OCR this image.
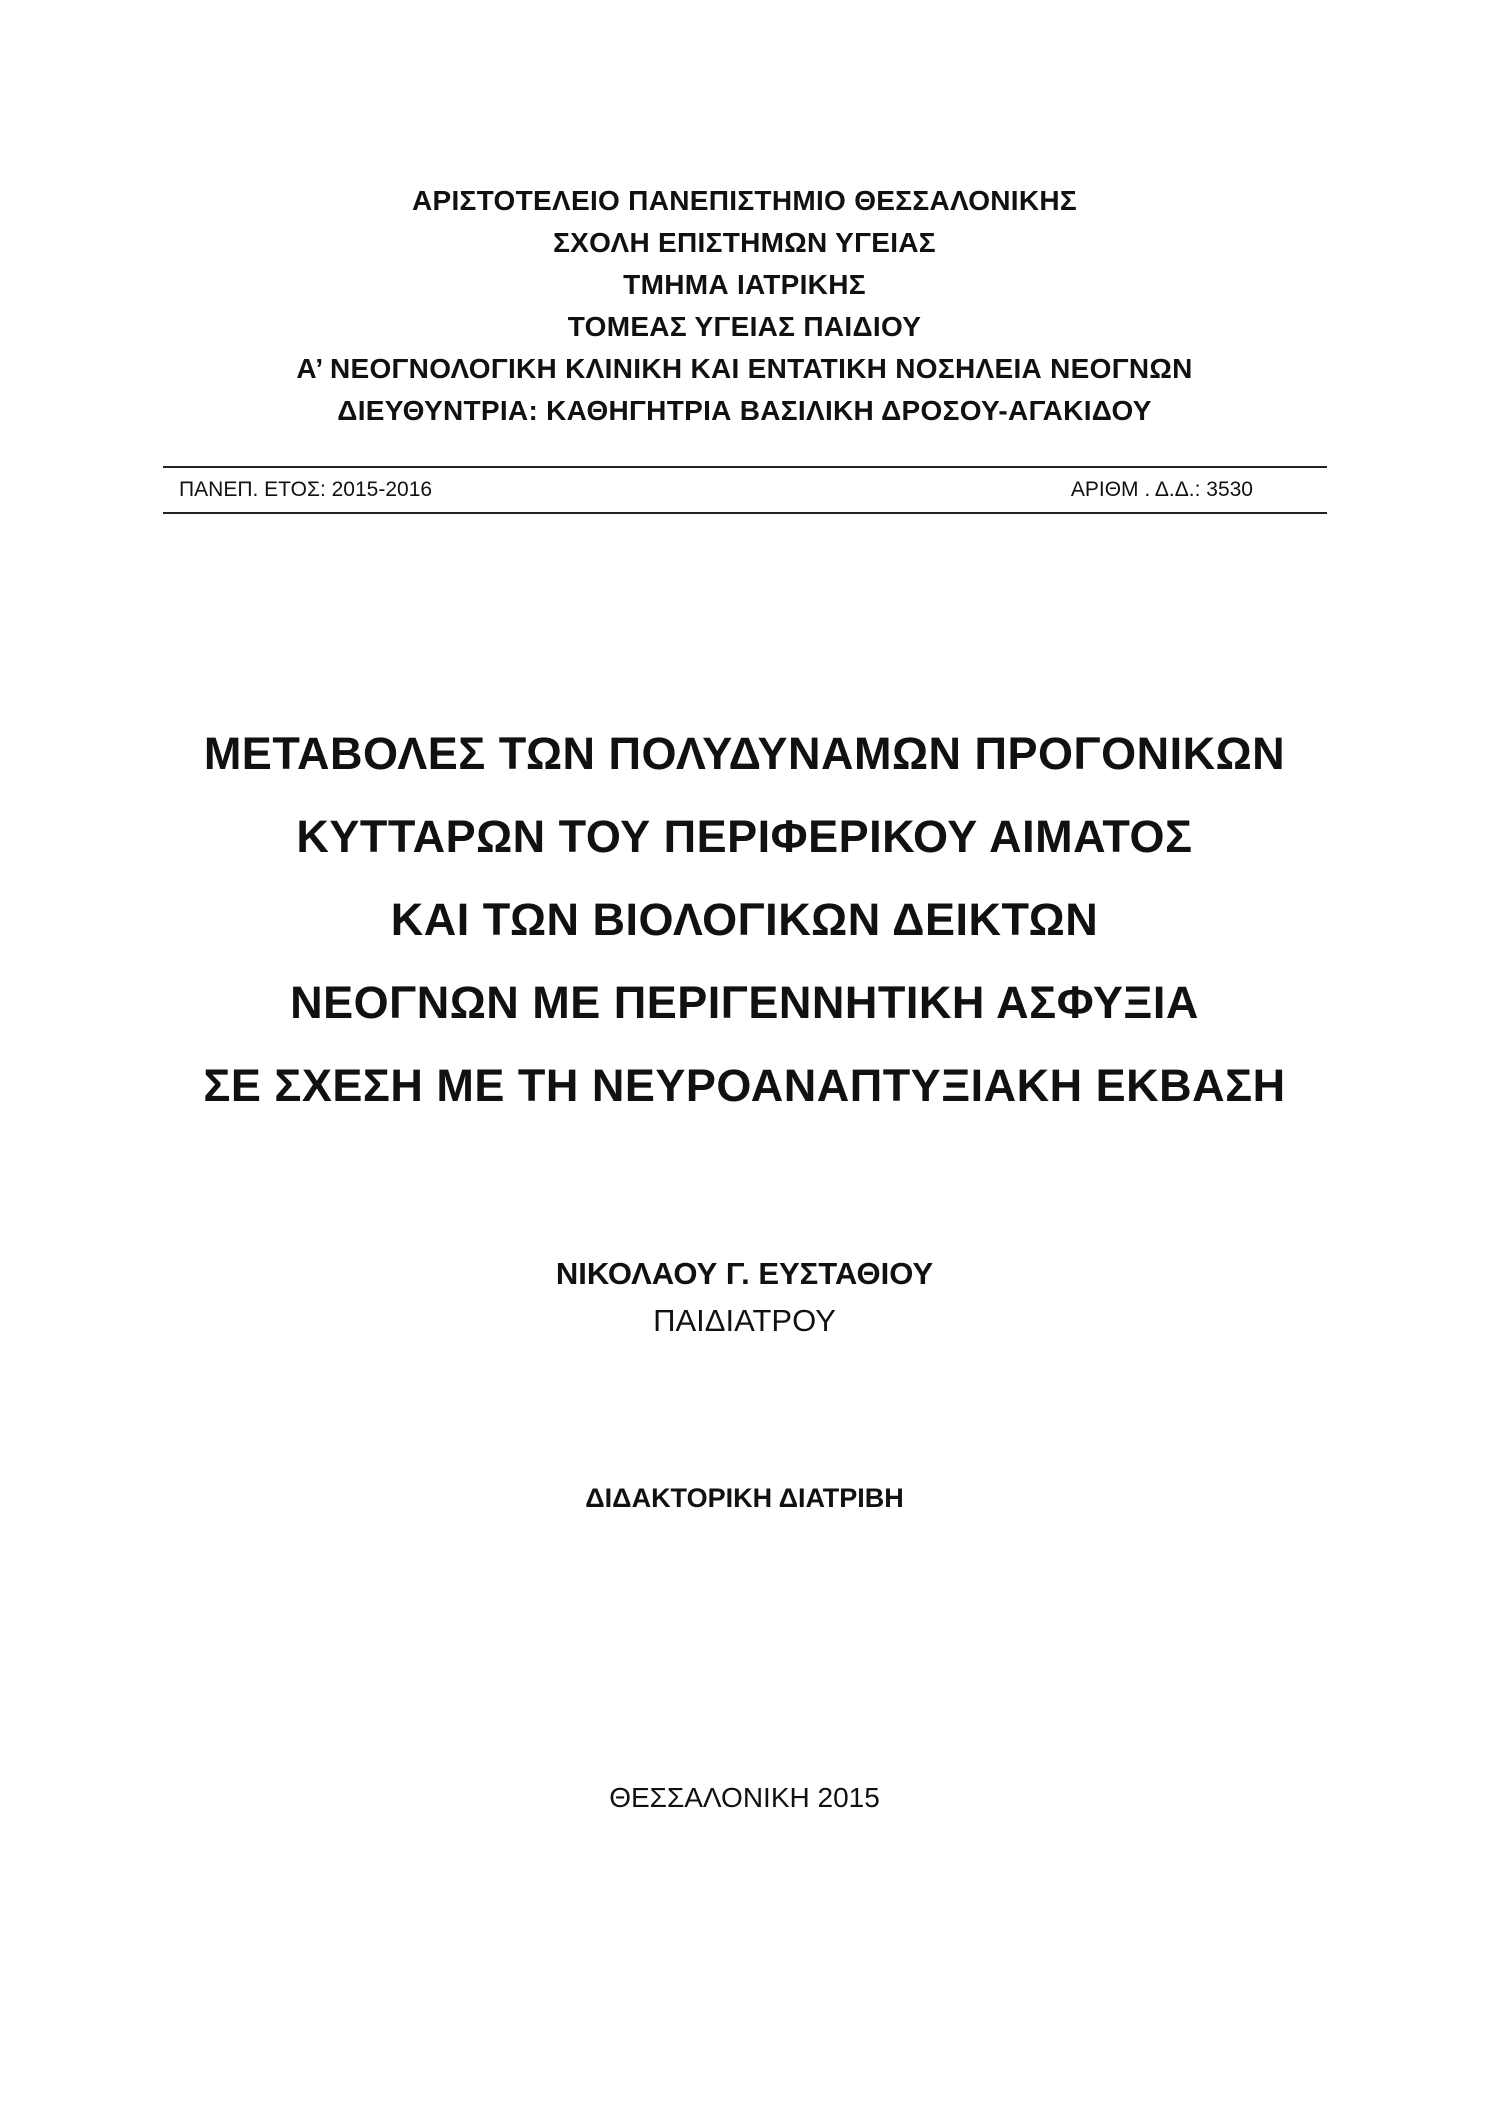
ΑΡΙΣΤΟΤΕΛΕΙΟ ΠΑΝΕΠΙΣΤΗΜΙΟ ΘΕΣΣΑΛΟΝΙΚΗΣ
ΣΧΟΛΗ ΕΠΙΣΤΗΜΩΝ ΥΓΕΙΑΣ
ΤΜΗΜΑ ΙΑΤΡΙΚΗΣ
ΤΟΜΕΑΣ ΥΓΕΙΑΣ ΠΑΙΔΙΟΥ
Α’ ΝΕΟΓΝΟΛΟΓΙΚΗ ΚΛΙΝΙΚΗ ΚΑΙ ΕΝΤΑΤΙΚΗ ΝΟΣΗΛΕΙΑ ΝΕΟΓΝΩΝ
ΔΙΕΥΘΥΝΤΡΙΑ: ΚΑΘΗΓΗΤΡΙΑ ΒΑΣΙΛΙΚΗ ΔΡΟΣΟΥ-ΑΓΑΚΙΔΟΥ
ΠΑΝΕΠ. ΕΤΟΣ: 2015-2016	ΑΡΙΘΜ . Δ.Δ.: 3530
ΜΕΤΑΒΟΛΕΣ ΤΩΝ ΠΟΛΥΔΥΝΑΜΩΝ ΠΡΟΓΟΝΙΚΩΝ
ΚΥΤΤΑΡΩΝ ΤΟΥ ΠΕΡΙΦΕΡΙΚΟΥ ΑΙΜΑΤΟΣ
ΚΑΙ ΤΩΝ ΒΙΟΛΟΓΙΚΩΝ ΔΕΙΚΤΩΝ
ΝΕΟΓΝΩΝ ΜΕ ΠΕΡΙΓΕΝΝΗΤΙΚΗ ΑΣΦΥΞΙΑ
ΣΕ ΣΧΕΣΗ ΜΕ ΤΗ ΝΕΥΡΟΑΝΑΠΤΥΞΙΑΚΗ ΕΚΒΑΣΗ
ΝΙΚΟΛΑΟΥ Γ. ΕΥΣΤΑΘΙΟΥ
ΠΑΙΔΙΑΤΡΟΥ
ΔΙΔΑΚΤΟΡΙΚΗ ΔΙΑΤΡΙΒΗ
ΘΕΣΣΑΛΟΝΙΚΗ 2015
